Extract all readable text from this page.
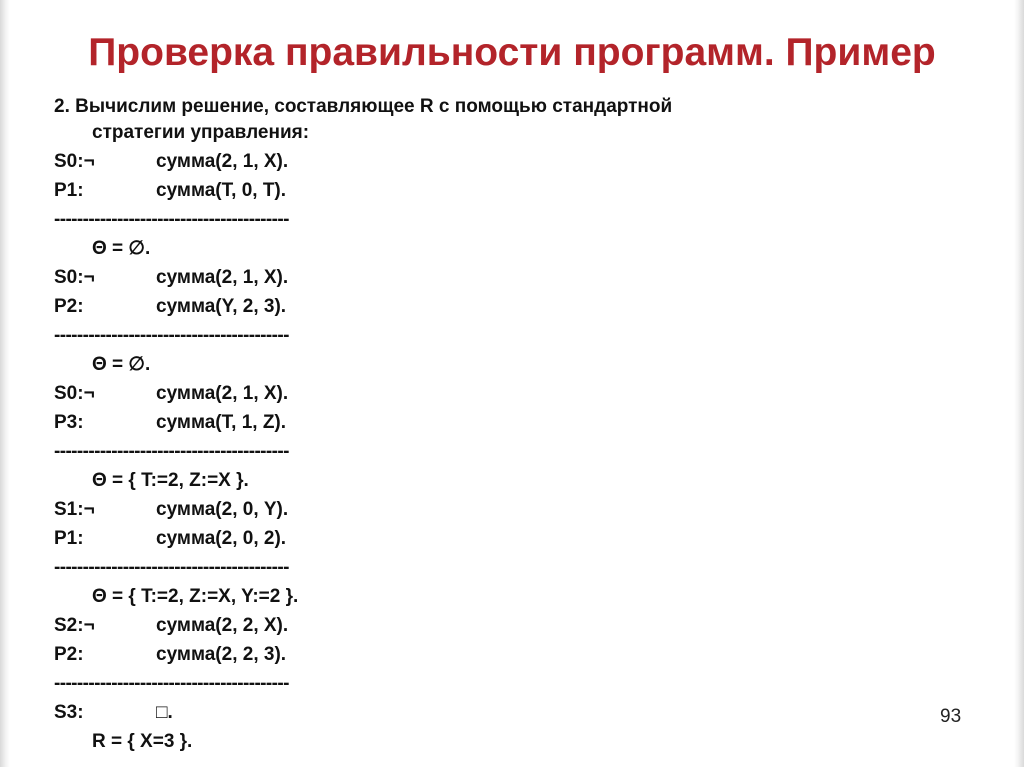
Проверка правильности программ. Пример
2. Вычислим решение, составляющее R с помощью стандартной
стратегии управления:
S0:¬	сумма(2, 1, X).
P1:	сумма(T, 0, T).
-----------------------------------------
Θ = ∅.
S0:¬	сумма(2, 1, X).
P2:	сумма(Y, 2, 3).
-----------------------------------------
Θ = ∅.
S0:¬	сумма(2, 1, X).
P3:	сумма(T, 1, Z).
-----------------------------------------
Θ = { T:=2, Z:=X }.
S1:¬	сумма(2, 0, Y).
P1:	сумма(2, 0, 2).
-----------------------------------------
Θ = { T:=2, Z:=X, Y:=2 }.
S2:¬	сумма(2, 2, X).
P2:	сумма(2, 2, 3).
-----------------------------------------
S3:	□.
R = { X=3 }.
93
